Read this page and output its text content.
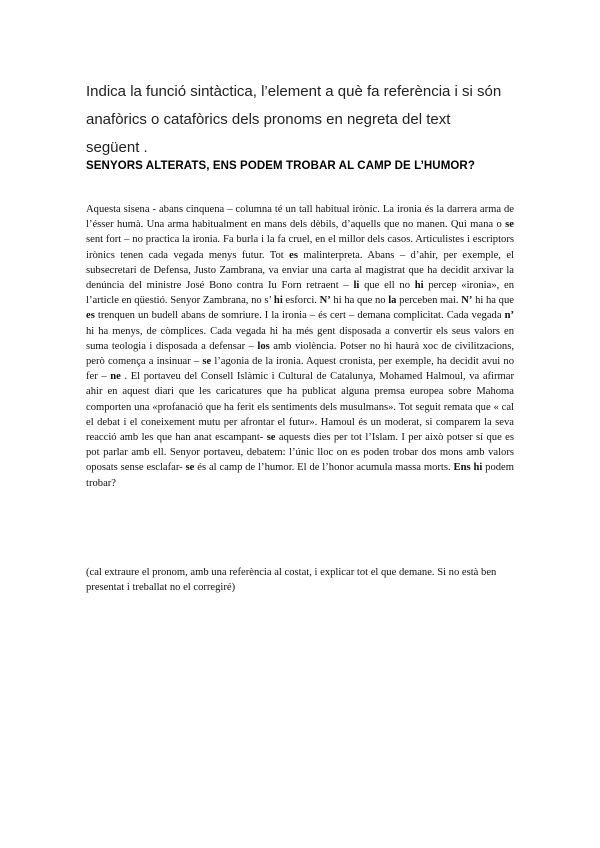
Indica la funció sintàctica, l’element a què fa referència i si són anafòrics o catafòrics dels pronoms en negreta del text següent .
SENYORS ALTERATS, ENS PODEM TROBAR AL CAMP DE L’HUMOR?
Aquesta sisena - abans cinquena – columna té un tall habitual irònic. La ironia és la darrera arma de l’ésser humà. Una arma habitualment en mans dels dèbils, d’aquells que no manen. Qui mana o se sent fort – no practica la ironia. Fa burla i la fa cruel, en el millor dels casos. Articulistes i escriptors irònics tenen cada vegada menys futur. Tot es malinterpreta. Abans – d’ahir, per exemple, el subsecretari de Defensa, Justo Zambrana, va enviar una carta al magistrat que ha decidit arxivar la denúncia del ministre José Bono contra Iu Forn retraent – li que ell no hi percep «ironia», en l’article en qüestió. Senyor Zambrana, no s’ hi esforci. N’ hi ha que no la perceben mai. N’ hi ha que es trenquen un budell abans de somriure. I la ironia – és cert – demana complicitat. Cada vegada n’ hi ha menys, de còmplices. Cada vegada hi ha més gent disposada a convertir els seus valors en suma teologia i disposada a defensar – los amb violència. Potser no hi haurà xoc de civilitzacions, però comença a insinuar – se l’agonia de la ironia. Aquest cronista, per exemple, ha decidit avui no fer – ne . El portaveu del Consell Islàmic i Cultural de Catalunya, Mohamed Halmoul, va afirmar ahir en aquest diari que les caricatures que ha publicat alguna premsa europea sobre Mahoma comporten una «profanació que ha ferit els sentiments dels musulmans». Tot seguit remata que « cal el debat i el coneixement mutu per afrontar el futur». Hamoul és un moderat, si comparem la seva reacció amb les que han anat escampant- se aquests dies per tot l’Islam. I per això potser sí que es pot parlar amb ell. Senyor portaveu, debatem: l’únic lloc on es poden trobar dos mons amb valors oposats sense esclafar- se és al camp de l’humor. El de l’honor acumula massa morts. Ens hi podem trobar?
(cal extraure el pronom, amb una referència al costat, i explicar tot el que demane. Si no està ben presentat i treballat no el corregiré)
